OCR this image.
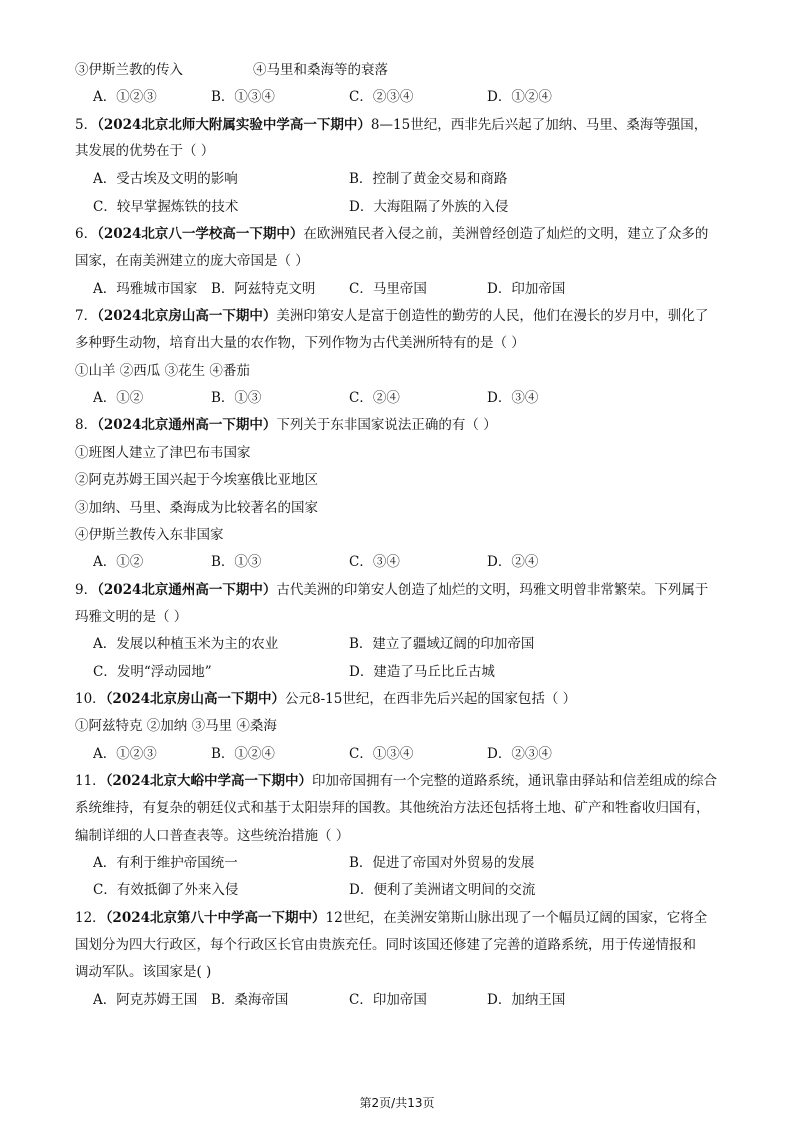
③伊斯兰教的传入	④马里和桑海等的衰落
A．①②③	B．①③④	C．②③④	D．①②④
5．（2024北京北师大附属实验中学高一下期中）8—15世纪，西非先后兴起了加纳、马里、桑海等强国，
其发展的优势在于（ ）
A．受古埃及文明的影响	B．控制了黄金交易和商路
C．较早掌握炼铁的技术	D．大海阻隔了外族的入侵
6．（2024北京八一学校高一下期中）在欧洲殖民者入侵之前，美洲曾经创造了灿烂的文明，建立了众多的
国家，在南美洲建立的庞大帝国是（ ）
A．玛雅城市国家 B．阿兹特克文明 C．马里帝国	D．印加帝国
7．（2024北京房山高一下期中）美洲印第安人是富于创造性的勤劳的人民，他们在漫长的岁月中，驯化了
多种野生动物，培育出大量的农作物，下列作物为古代美洲所特有的是（ ）
①山羊 ②西瓜 ③花生 ④番茄
A．①②	B．①③	C．②④	D．③④
8．（2024北京通州高一下期中）下列关于东非国家说法正确的有（ ）
①班图人建立了津巴布韦国家
②阿克苏姆王国兴起于今埃塞俄比亚地区
③加纳、马里、桑海成为比较著名的国家
④伊斯兰教传入东非国家
A．①②	B．①③	C．③④	D．②④
9．（2024北京通州高一下期中）古代美洲的印第安人创造了灿烂的文明，玛雅文明曾非常繁荣。下列属于
玛雅文明的是（ ）
A．发展以种植玉米为主的农业	B．建立了疆域辽阔的印加帝国
C．发明“浮动园地”	D．建造了马丘比丘古城
10．（2024北京房山高一下期中）公元8-15世纪，在西非先后兴起的国家包括（ ）
①阿兹特克 ②加纳 ③马里 ④桑海
A．①②③	B．①②④	C．①③④	D．②③④
11．（2024北京大峪中学高一下期中）印加帝国拥有一个完整的道路系统，通讯靠由驿站和信差组成的综合
系统维持，有复杂的朝廷仪式和基于太阳崇拜的国教。其他统治方法还包括将土地、矿产和牲畜收归国有，
编制详细的人口普查表等。这些统治措施（ ）
A．有利于维护帝国统一	B．促进了帝国对外贸易的发展
C．有效抵御了外来入侵	D．便利了美洲诸文明间的交流
12．（2024北京第八十中学高一下期中）12世纪，在美洲安第斯山脉出现了一个幅员辽阔的国家，它将全
国划分为四大行政区，每个行政区长官由贵族充任。同时该国还修建了完善的道路系统，用于传递情报和
调动军队。该国家是( )
A．阿克苏姆王国 B．桑海帝国	C．印加帝国	D．加纳王国
第2页/共13页
